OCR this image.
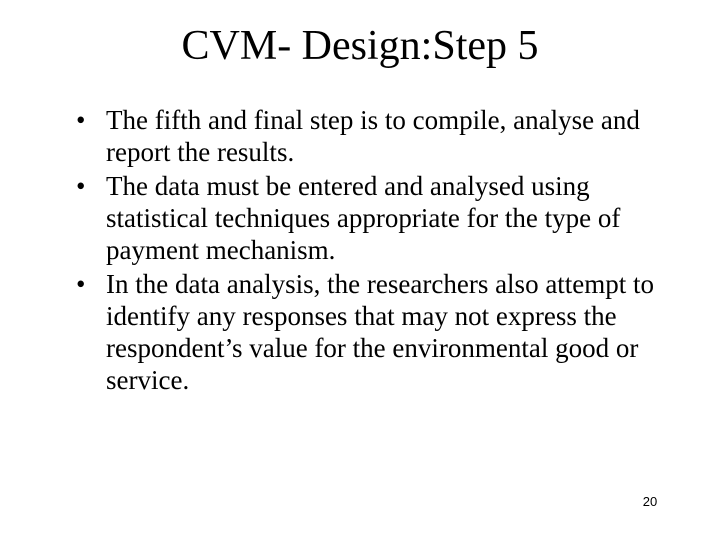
CVM- Design:Step 5
• The fifth and final step is to compile, analyse and report the results.
• The data must be entered and analysed using statistical techniques appropriate for the type of payment mechanism.
• In the data analysis, the researchers also attempt to identify any responses that may not express the respondent’s value for the environmental good or service.
20
